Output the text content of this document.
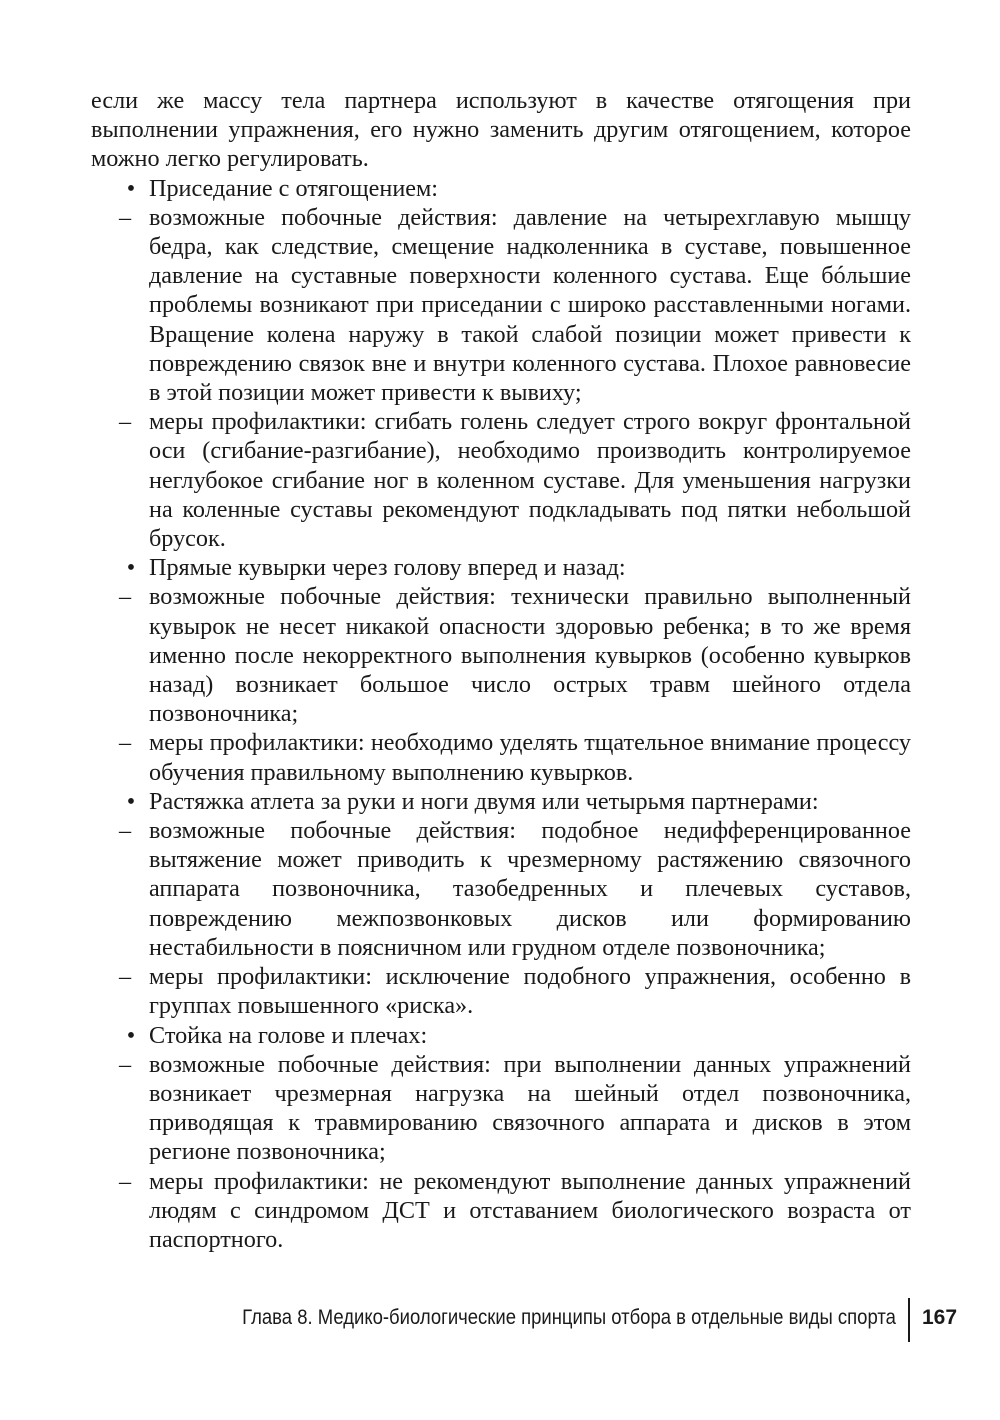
если же массу тела партнера используют в качестве отягощения при выполнении упражнения, его нужно заменить другим отягощением, которое можно легко регулировать.

• Приседание с отягощением:
– возможные побочные действия: давление на четырехглавую мышцу бедра, как следствие, смещение надколенника в суставе, повышенное давление на суставные поверхности коленного сустава. Еще бóльшие проблемы возникают при приседании с широко расставленными ногами. Вращение колена наружу в такой слабой позиции может привести к повреждению связок вне и внутри коленного сустава. Плохое равновесие в этой позиции может привести к вывиху;
– меры профилактики: сгибать голень следует строго вокруг фронтальной оси (сгибание-разгибание), необходимо производить контролируемое неглубокое сгибание ног в коленном суставе. Для уменьшения нагрузки на коленные суставы рекомендуют подкладывать под пятки небольшой брусок.
• Прямые кувырки через голову вперед и назад:
– возможные побочные действия: технически правильно выполненный кувырок не несет никакой опасности здоровью ребенка; в то же время именно после некорректного выполнения кувырков (особенно кувырков назад) возникает большое число острых травм шейного отдела позвоночника;
– меры профилактики: необходимо уделять тщательное внимание процессу обучения правильному выполнению кувырков.
• Растяжка атлета за руки и ноги двумя или четырьмя партнерами:
– возможные побочные действия: подобное недифференцированное вытяжение может приводить к чрезмерному растяжению связочного аппарата позвоночника, тазобедренных и плечевых суставов, повреждению межпозвонковых дисков или формированию нестабильности в поясничном или грудном отделе позвоночника;
– меры профилактики: исключение подобного упражнения, особенно в группах повышенного «риска».
• Стойка на голове и плечах:
– возможные побочные действия: при выполнении данных упражнений возникает чрезмерная нагрузка на шейный отдел позвоночника, приводящая к травмированию связочного аппарата и дисков в этом регионе позвоночника;
– меры профилактики: не рекомендуют выполнение данных упражнений людям с синдромом ДСТ и отставанием биологического возраста от паспортного.
Глава 8. Медико-биологические принципы отбора в отдельные виды спорта 167
